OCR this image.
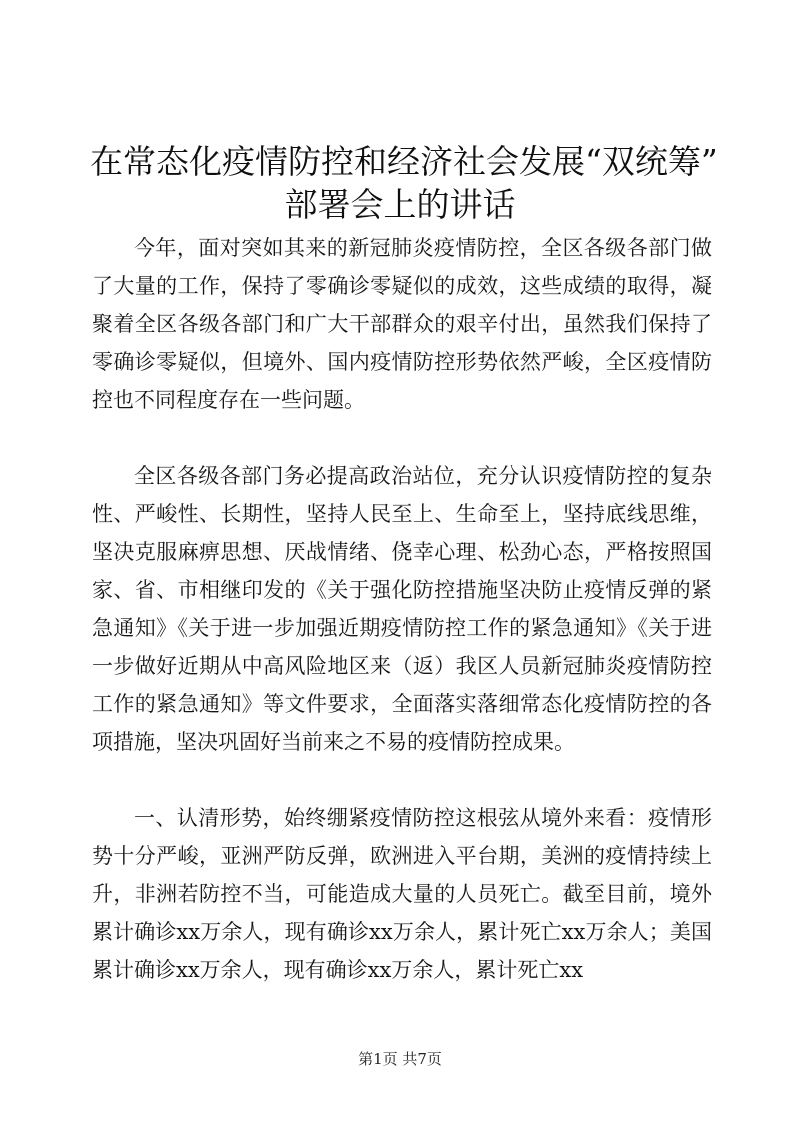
在常态化疫情防控和经济社会发展“双统筹”
部署会上的讲话
今年，面对突如其来的新冠肺炎疫情防控，全区各级各部门做了大量的工作，保持了零确诊零疑似的成效，这些成绩的取得，凝聚着全区各级各部门和广大干部群众的艰辛付出，虽然我们保持了零确诊零疑似，但境外、国内疫情防控形势依然严峻，全区疫情防控也不同程度存在一些问题。
全区各级各部门务必提高政治站位，充分认识疫情防控的复杂性、严峻性、长期性，坚持人民至上、生命至上，坚持底线思维，坚决克服麻痹思想、厌战情绪、侥幸心理、松劲心态，严格按照国家、省、市相继印发的《关于强化防控措施坚决防止疫情反弹的紧急通知》《关于进一步加强近期疫情防控工作的紧急通知》《关于进一步做好近期从中高风险地区来（返）我区人员新冠肺炎疫情防控工作的紧急通知》等文件要求，全面落实落细常态化疫情防控的各项措施，坚决巩固好当前来之不易的疫情防控成果。
一、认清形势，始终绷紧疫情防控这根弦从境外来看：疫情形势十分严峻，亚洲严防反弹，欧洲进入平台期，美洲的疫情持续上升，非洲若防控不当，可能造成大量的人员死亡。截至目前，境外累计确诊xx万余人，现有确诊xx万余人，累计死亡xx万余人；美国累计确诊xx万余人，现有确诊xx万余人，累计死亡xx
第1页 共7页
